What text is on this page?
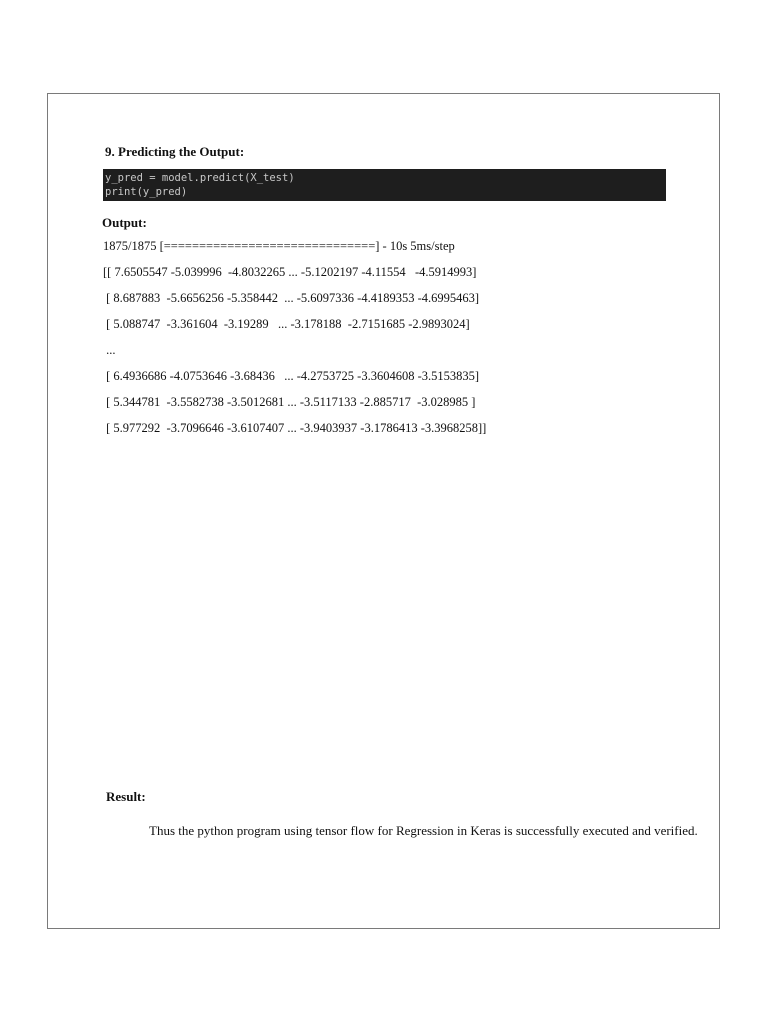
9. Predicting the Output:
y_pred = model.predict(X_test)
print(y_pred)
Output:
1875/1875 [==============================] - 10s 5ms/step
[[ 7.6505547 -5.039996  -4.8032265 ... -5.1202197 -4.11554   -4.5914993]
[ 8.687883  -5.6656256 -5.358442  ... -5.6097336 -4.4189353 -4.6995463]
[ 5.088747  -3.361604  -3.19289   ... -3.178188  -2.7151685 -2.9893024]
...
[ 6.4936686 -4.0753646 -3.68436   ... -4.2753725 -3.3604608 -3.5153835]
[ 5.344781  -3.5582738 -3.5012681 ... -3.5117133 -2.885717  -3.028985 ]
[ 5.977292  -3.7096646 -3.6107407 ... -3.9403937 -3.1786413 -3.3968258]]
Result:

Thus the python program using tensor flow for Regression in Keras is successfully executed and verified.
